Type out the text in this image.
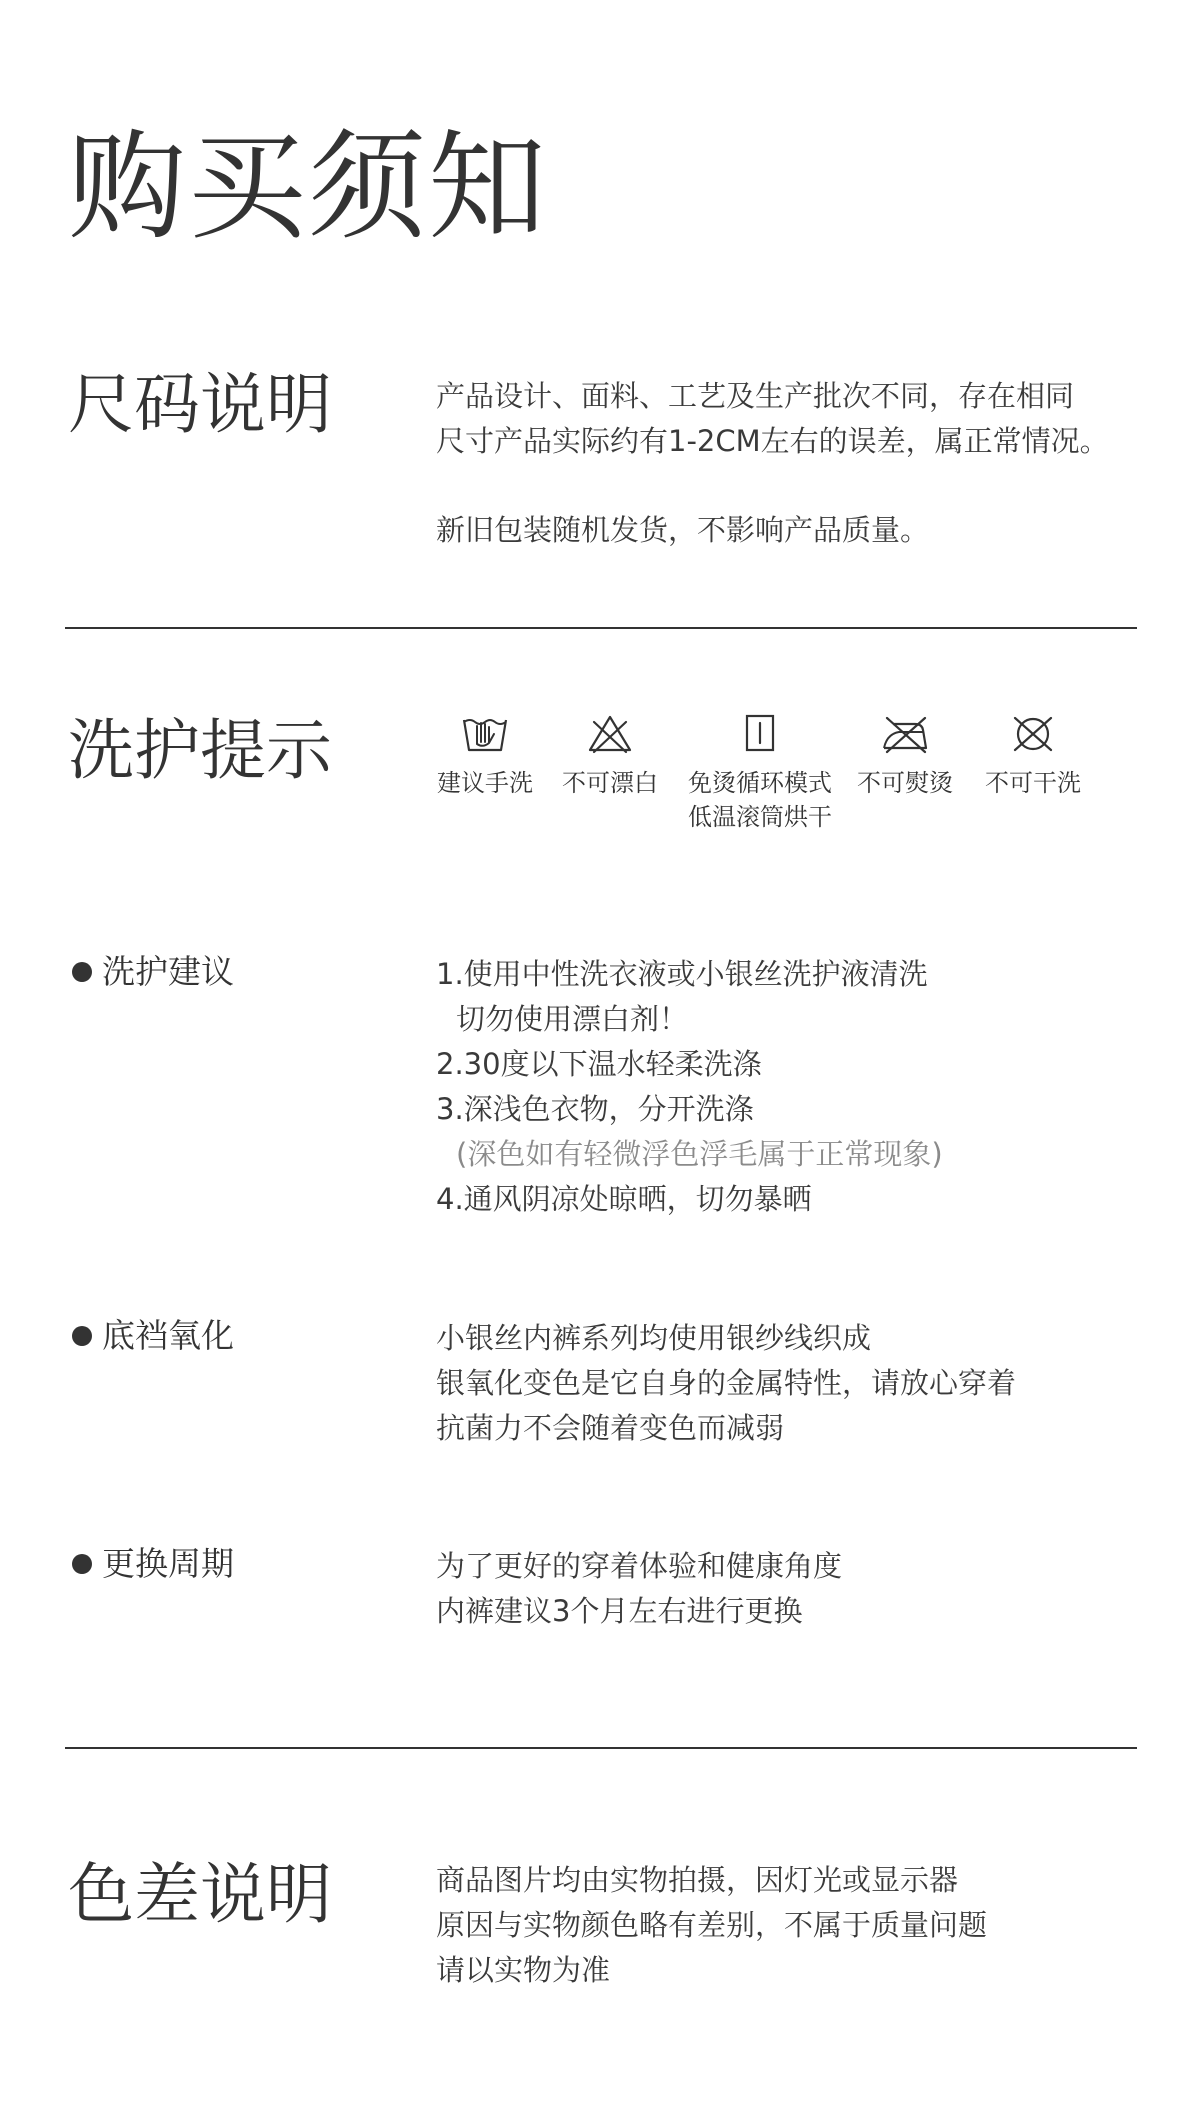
购买须知
尺码说明	产品设计、面料、工艺及生产批次不同，存在相同
尺寸产品实际约有1-2CM左右的误差，属正常情况。
新旧包装随机发货，不影响产品质量。
洗护提示	建议手洗 不可漂白	免烫循环模式
低温滚筒烘干
不可熨烫 不可干洗
洗护建议	1.使用中性洗衣液或小银丝洗护液清洗
切勿使用漂白剂！
2.30度以下温水轻柔洗涤
3.深浅色衣物，分开洗涤
(深色如有轻微浮色浮毛属于正常现象)
4.通风阴凉处晾晒，切勿暴晒
底裆氧化	小银丝内裤系列均使用银纱线织成
银氧化变色是它自身的金属特性，请放心穿着
抗菌力不会随着变色而减弱
更换周期	为了更好的穿着体验和健康角度
内裤建议3个月左右进行更换
色差说明	商品图片均由实物拍摄，因灯光或显示器
原因与实物颜色略有差别，不属于质量问题
请以实物为准
